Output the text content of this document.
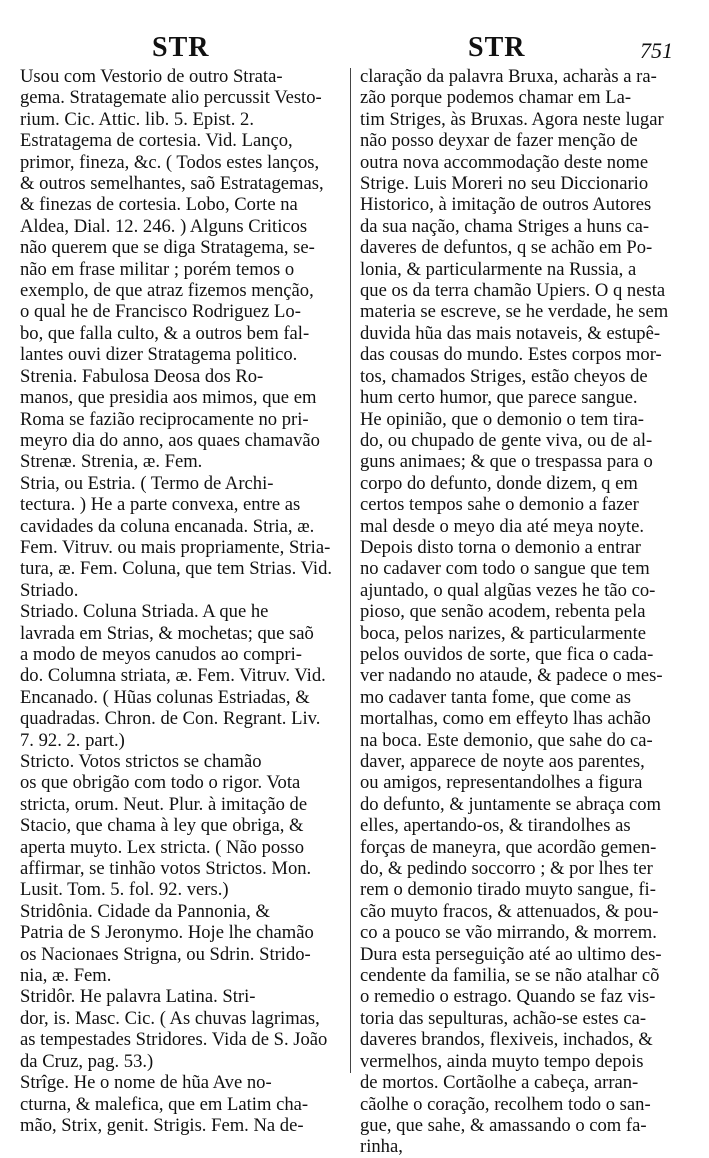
STR	STR	751
Usou com Vestorio de outro Strata-
gema. Stratagemate alio percussit Vesto-
rium. Cic. Attic. lib. 5. Epist. 2.
Estratagema de cortesia. Vid. Lanço,
primor, fineza, &c. ( Todos estes lanços,
& outros semelhantes, saõ Estratagemas,
& finezas de cortesia. Lobo, Corte na
Aldea, Dial. 12. 246. ) Alguns Criticos
não querem que se diga Stratagema, se-
não em frase militar ; porém temos o
exemplo, de que atraz fizemos menção,
o qual he de Francisco Rodriguez Lo-
bo, que falla culto, & a outros bem fal-
lantes ouvi dizer Stratagema politico.
Strenia. Fabulosa Deosa dos Ro-
manos, que presidia aos mimos, que em
Roma se fazião reciprocamente no pri-
meyro dia do anno, aos quaes chamavão
Strenæ. Strenia, æ. Fem.
Stria, ou Estria. ( Termo de Archi-
tectura. ) He a parte convexa, entre as
cavidades da coluna encanada. Stria, æ.
Fem. Vitruv. ou mais propriamente, Stria-
tura, æ. Fem. Coluna, que tem Strias. Vid.
Striado.
Striado. Coluna Striada. A que he
lavrada em Strias, & mochetas; que saõ
a modo de meyos canudos ao compri-
do. Columna striata, æ. Fem. Vitruv. Vid.
Encanado. ( Hũas colunas Estriadas, &
quadradas. Chron. de Con. Regrant. Liv.
7. 92. 2. part.)
Stricto. Votos strictos se chamão
os que obrigão com todo o rigor. Vota
stricta, orum. Neut. Plur. à imitação de
Stacio, que chama à ley que obriga, &
aperta muyto. Lex stricta. ( Não posso
affirmar, se tinhão votos Strictos. Mon.
Lusit. Tom. 5. fol. 92. vers.)
Stridônia. Cidade da Pannonia, &
Patria de S Jeronymo. Hoje lhe chamão
os Nacionaes Strigna, ou Sdrin. Strido-
nia, æ. Fem.
Stridôr. He palavra Latina. Stri-
dor, is. Masc. Cic. ( As chuvas lagrimas,
as tempestades Stridores. Vida de S. João
da Cruz, pag. 53.)
Strîge. He o nome de hũa Ave no-
cturna, & malefica, que em Latim cha-
mão, Strix, genit. Strigis. Fem. Na de-
claração da palavra Bruxa, acharàs a ra-
zão porque podemos chamar em La-
tim Striges, às Bruxas. Agora neste lugar
não posso deyxar de fazer menção de
outra nova accommodação deste nome
Strige. Luis Moreri no seu Diccionario
Historico, à imitação de outros Autores
da sua nação, chama Striges a huns ca-
daveres de defuntos, q se achão em Po-
lonia, & particularmente na Russia, a
que os da terra chamão Upiers. O q nesta
materia se escreve, se he verdade, he sem
duvida hũa das mais notaveis, & estupê-
das cousas do mundo. Estes corpos mor-
tos, chamados Striges, estão cheyos de
hum certo humor, que parece sangue.
He opinião, que o demonio o tem tira-
do, ou chupado de gente viva, ou de al-
guns animaes; & que o trespassa para o
corpo do defunto, donde dizem, q em
certos tempos sahe o demonio a fazer
mal desde o meyo dia até meya noyte.
Depois disto torna o demonio a entrar
no cadaver com todo o sangue que tem
ajuntado, o qual algũas vezes he tão co-
pioso, que senão acodem, rebenta pela
boca, pelos narizes, & particularmente
pelos ouvidos de sorte, que fica o cada-
ver nadando no ataude, & padece o mes-
mo cadaver tanta fome, que come as
mortalhas, como em effeyto lhas achão
na boca. Este demonio, que sahe do ca-
daver, apparece de noyte aos parentes,
ou amigos, representandolhes a figura
do defunto, & juntamente se abraça com
elles, apertando-os, & tirandolhes as
forças de maneyra, que acordão gemen-
do, & pedindo soccorro ; & por lhes ter
rem o demonio tirado muyto sangue, fi-
cão muyto fracos, & attenuados, & pou-
co a pouco se vão mirrando, & morrem.
Dura esta perseguição até ao ultimo des-
cendente da familia, se se não atalhar cõ
o remedio o estrago. Quando se faz vis-
toria das sepulturas, achão-se estes ca-
daveres brandos, flexiveis, inchados, &
vermelhos, ainda muyto tempo depois
de mortos. Cortãolhe a cabeça, arran-
cãolhe o coração, recolhem todo o san-
gue, que sahe, & amassando o com fa-
rinha,
